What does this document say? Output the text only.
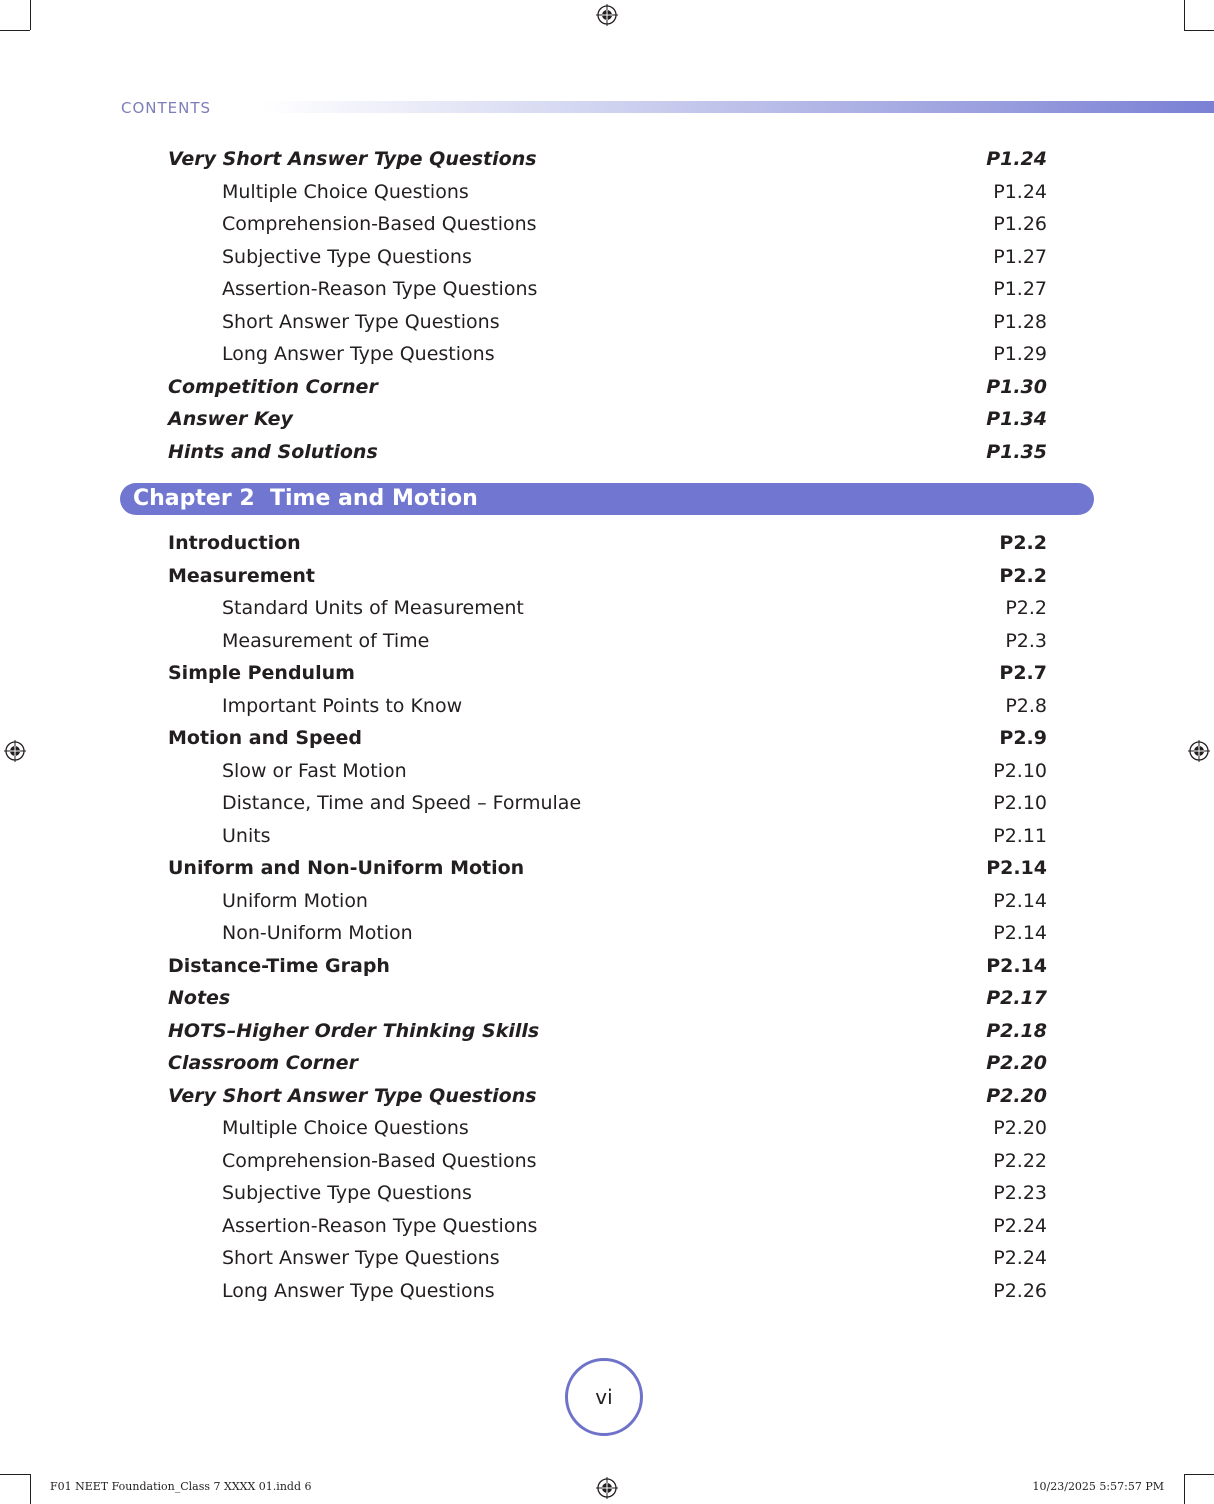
CONTENTS
Very Short Answer Type Questions	P1.24
Multiple Choice Questions	P1.24
Comprehension-Based Questions	P1.26
Subjective Type Questions	P1.27
Assertion-Reason Type Questions	P1.27
Short Answer Type Questions	P1.28
Long Answer Type Questions	P1.29
Competition Corner	P1.30
Answer Key	P1.34
Hints and Solutions	P1.35
Chapter 2 Time and Motion
Introduction	P2.2
Measurement	P2.2
Standard Units of Measurement	P2.2
Measurement of Time	P2.3
Simple Pendulum	P2.7
Important Points to Know	P2.8
Motion and Speed	P2.9
Slow or Fast Motion	P2.10
Distance, Time and Speed – Formulae	P2.10
Units	P2.11
Uniform and Non-Uniform Motion	P2.14
Uniform Motion	P2.14
Non-Uniform Motion	P2.14
Distance-Time Graph	P2.14
Notes	P2.17
HOTS–Higher Order Thinking Skills	P2.18
Classroom Corner	P2.20
Very Short Answer Type Questions	P2.20
Multiple Choice Questions	P2.20
Comprehension-Based Questions	P2.22
Subjective Type Questions	P2.23
Assertion-Reason Type Questions	P2.24
Short Answer Type Questions	P2.24
Long Answer Type Questions	P2.26
vi
F01 NEET Foundation_Class 7 XXXX 01.indd 6	10/23/2025 5:57:57 PM
